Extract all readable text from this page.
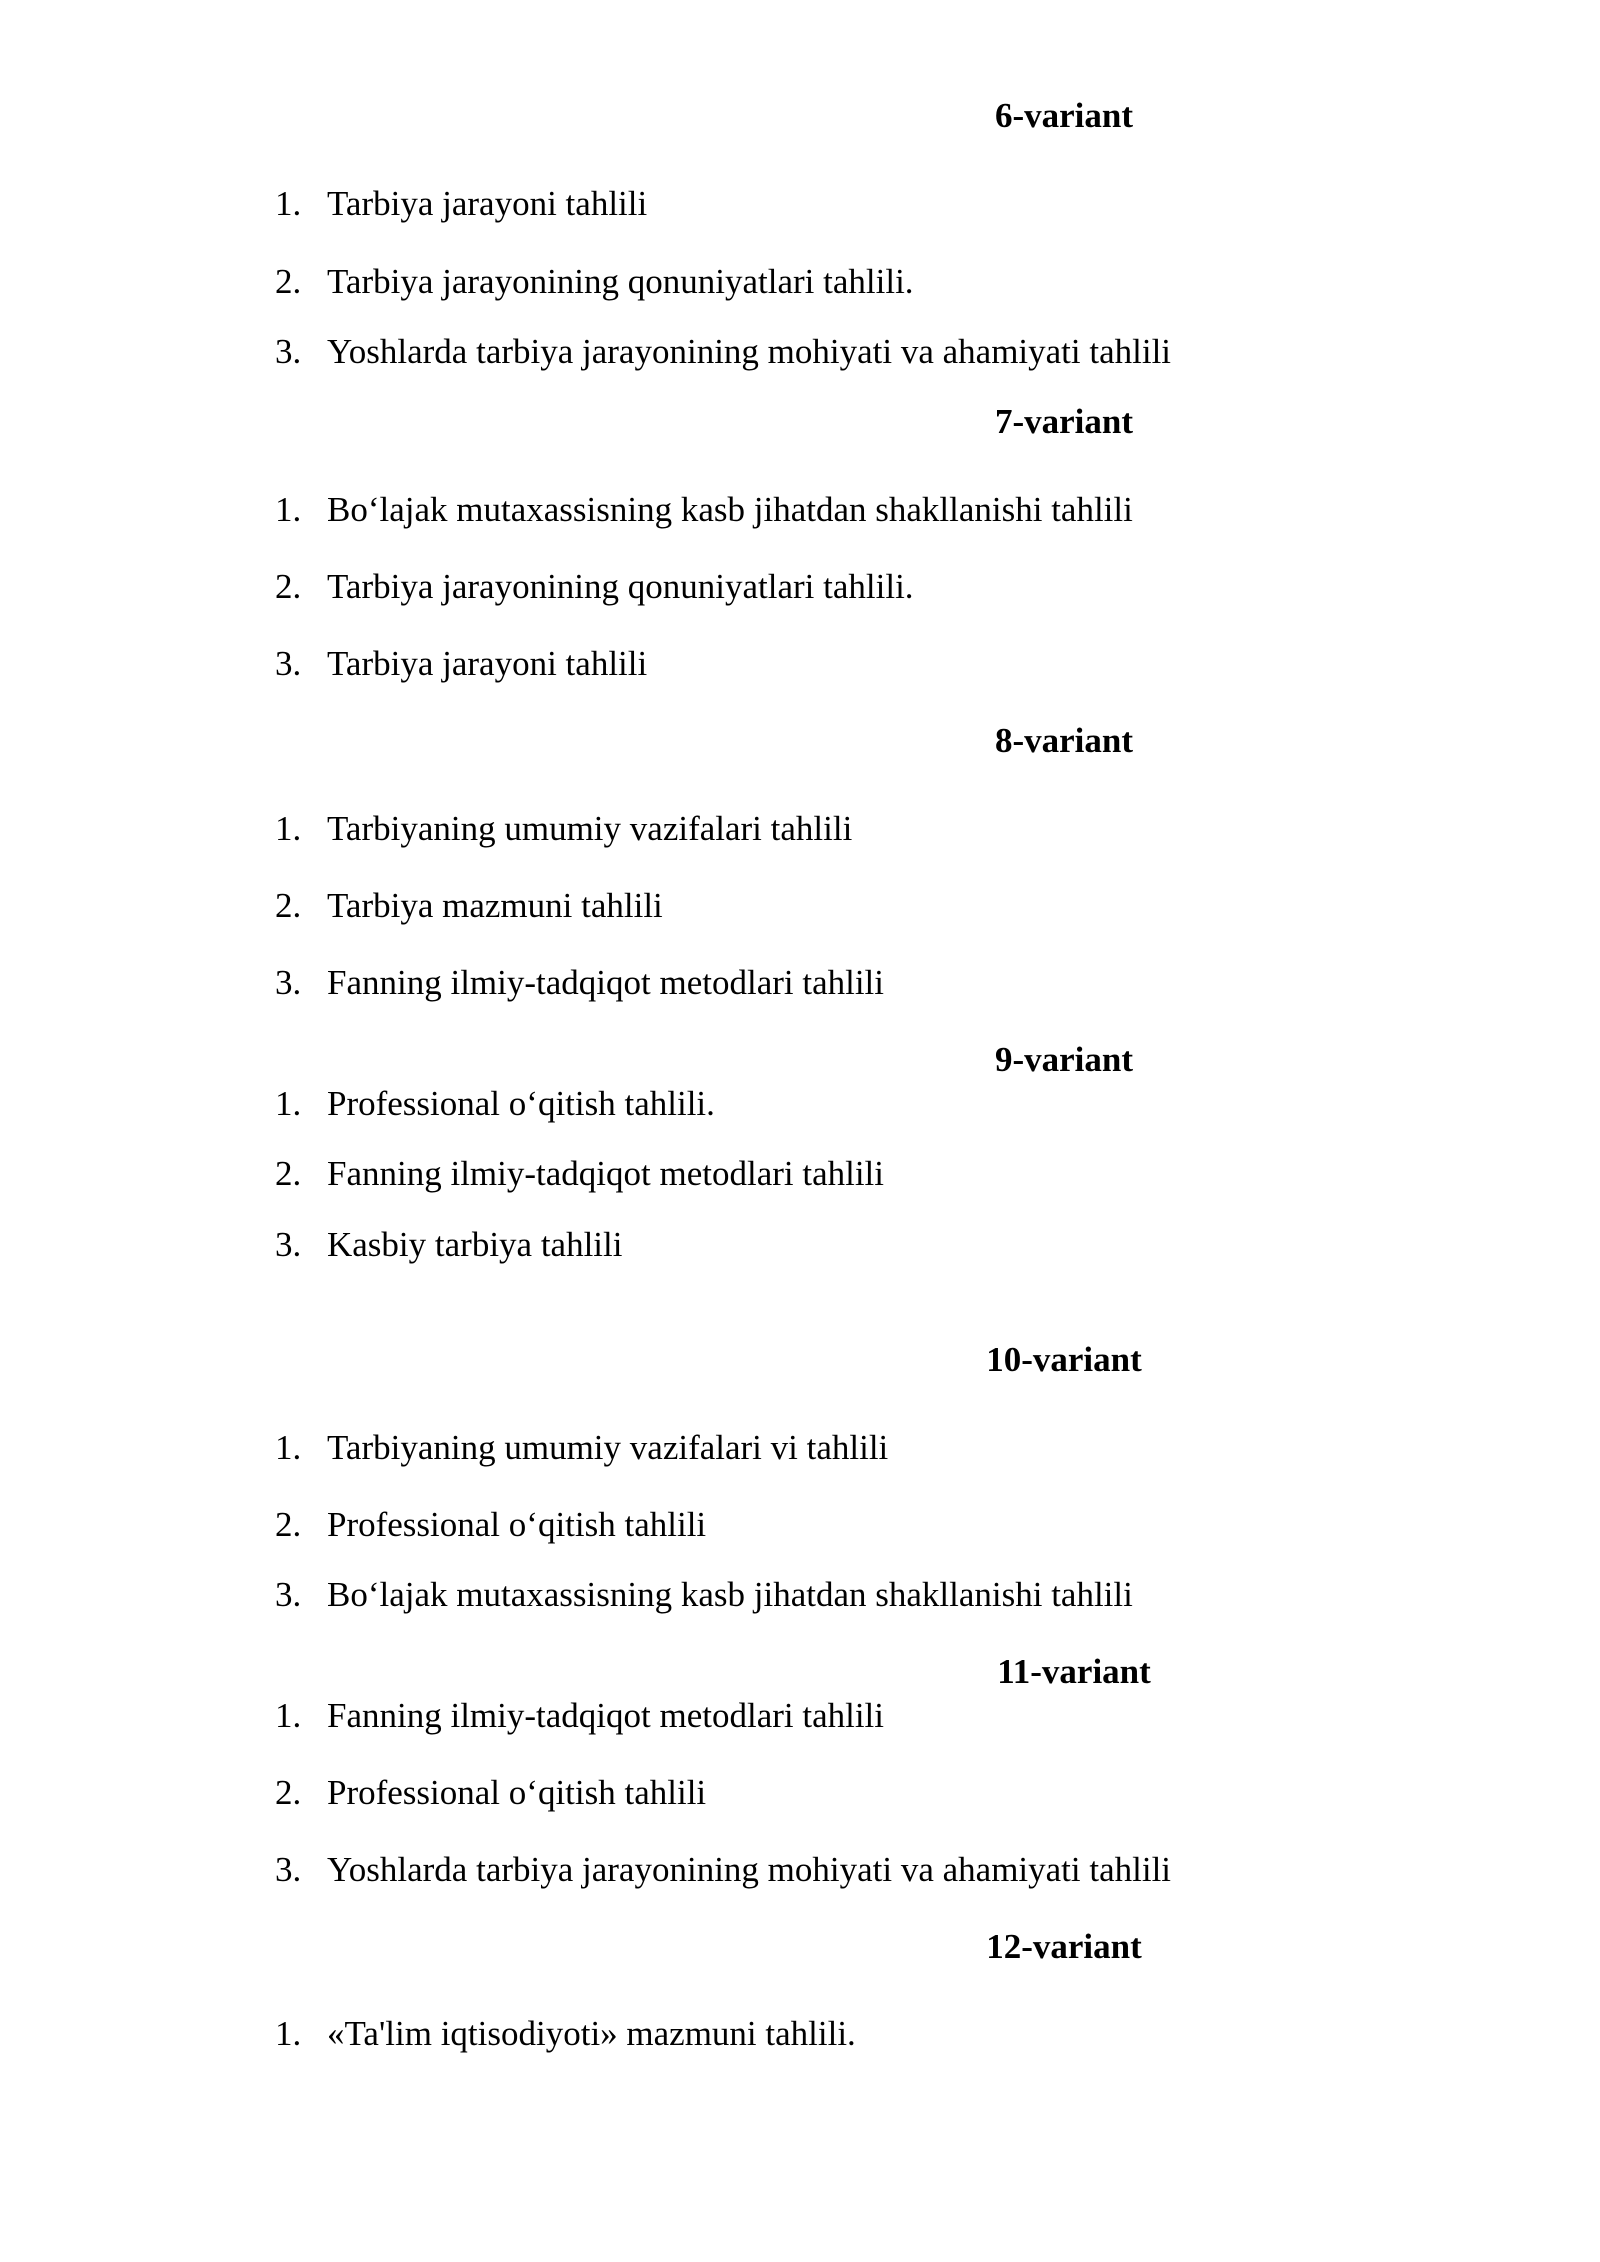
6-variant
1. Tarbiya jarayoni tahlili
2. Tarbiya jarayonining qonuniyatlari tahlili.
3. Yoshlarda tarbiya jarayonining mohiyati va ahamiyati tahlili
7-variant
1. Bo‘lajak mutaxassisning kasb jihatdan shakllanishi tahlili
2. Tarbiya jarayonining qonuniyatlari tahlili.
3. Tarbiya jarayoni tahlili
8-variant
1. Tarbiyaning umumiy vazifalari tahlili
2. Tarbiya mazmuni tahlili
3. Fanning ilmiy-tadqiqot metodlari tahlili
9-variant
1. Professional o‘qitish tahlili.
2. Fanning ilmiy-tadqiqot metodlari tahlili
3. Kasbiy tarbiya tahlili
10-variant
1. Tarbiyaning umumiy vazifalari vi tahlili
2. Professional o‘qitish tahlili
3. Bo‘lajak mutaxassisning kasb jihatdan shakllanishi tahlili
11-variant
1. Fanning ilmiy-tadqiqot metodlari tahlili
2. Professional o‘qitish tahlili
3. Yoshlarda tarbiya jarayonining mohiyati va ahamiyati tahlili
12-variant
1. «Ta'lim iqtisodiyoti» mazmuni tahlili.
